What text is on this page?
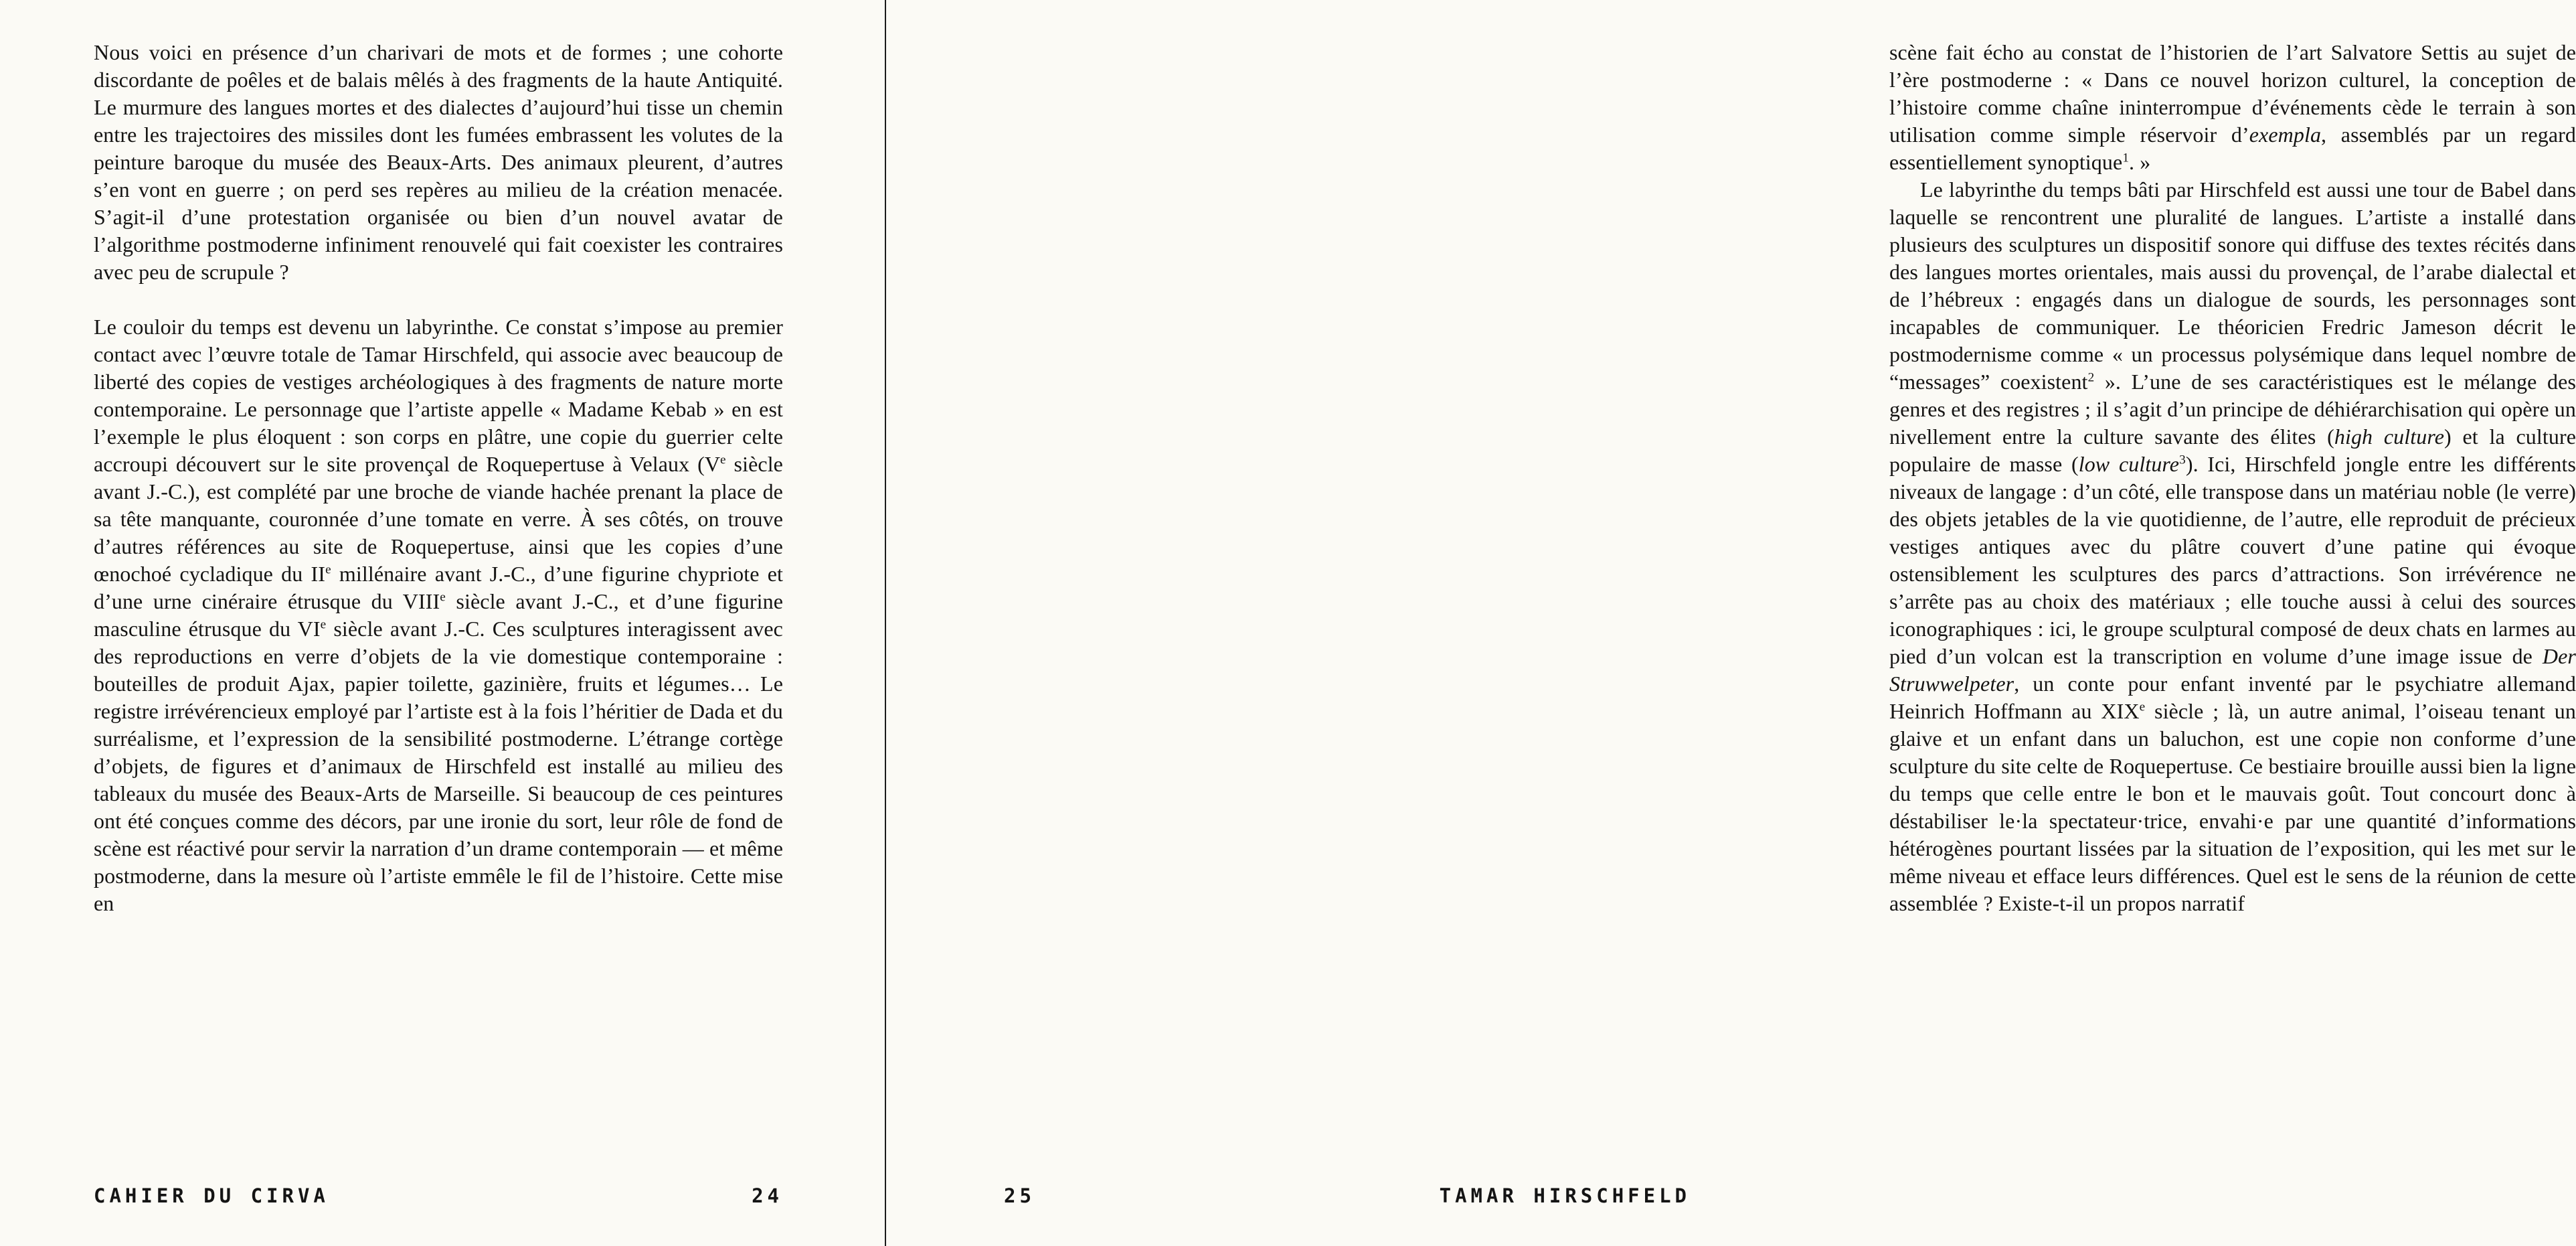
Nous voici en présence d’un charivari de mots et de formes ; une cohorte discordante de poêles et de balais mêlés à des fragments de la haute Antiquité. Le murmure des langues mortes et des dialectes d’aujourd’hui tisse un chemin entre les trajectoires des missiles dont les fumées embrassent les volutes de la peinture baroque du musée des Beaux-Arts. Des animaux pleurent, d’autres s’en vont en guerre ; on perd ses repères au milieu de la création menacée. S’agit-il d’une protestation organisée ou bien d’un nouvel avatar de l’algorithme postmoderne infiniment renouvelé qui fait coexister les contraires avec peu de scrupule ?

Le couloir du temps est devenu un labyrinthe. Ce constat s’impose au premier contact avec l’œuvre totale de Tamar Hirschfeld, qui associe avec beaucoup de liberté des copies de vestiges archéologiques à des fragments de nature morte contemporaine. Le personnage que l’artiste appelle « Madame Kebab » en est l’exemple le plus éloquent : son corps en plâtre, une copie du guerrier celte accroupi découvert sur le site provençal de Roquepertuse à Velaux (Ve siècle avant J.-C.), est complété par une broche de viande hachée prenant la place de sa tête manquante, couronnée d’une tomate en verre. À ses côtés, on trouve d’autres références au site de Roquepertuse, ainsi que les copies d’une œnochoé cycladique du IIe millénaire avant J.-C., d’une figurine chypriote et d’une urne cinéraire étrusque du VIIIe siècle avant J.-C., et d’une figurine masculine étrusque du VIe siècle avant J.-C. Ces sculptures interagissent avec des reproductions en verre d’objets de la vie domestique contemporaine : bouteilles de produit Ajax, papier toilette, gazinière, fruits et légumes… Le registre irrévérencieux employé par l’artiste est à la fois l’héritier de Dada et du surréalisme, et l’expression de la sensibilité postmoderne. L’étrange cortège d’objets, de figures et d’animaux de Hirschfeld est installé au milieu des tableaux du musée des Beaux-Arts de Marseille. Si beaucoup de ces peintures ont été conçues comme des décors, par une ironie du sort, leur rôle de fond de scène est réactivé pour servir la narration d’un drame contemporain — et même postmoderne, dans la mesure où l’artiste emmêle le fil de l’histoire. Cette mise en

scène fait écho au constat de l’historien de l’art Salvatore Settis au sujet de l’ère postmoderne : « Dans ce nouvel horizon culturel, la conception de l’histoire comme chaîne ininterrompue d’événements cède le terrain à son utilisation comme simple réservoir d’exempla, assemblés par un regard essentiellement synoptique$^1$. »

Le labyrinthe du temps bâti par Hirschfeld est aussi une tour de Babel dans laquelle se rencontrent une pluralité de langues. L’artiste a installé dans plusieurs des sculptures un dispositif sonore qui diffuse des textes récités dans des langues mortes orientales, mais aussi du provençal, de l’arabe dialectal et de l’hébreux : engagés dans un dialogue de sourds, les personnages sont incapables de communiquer. Le théoricien Fredric Jameson décrit le postmodernisme comme « un processus polysémique dans lequel nombre de “messages” coexistent$^2$ ». L’une de ses caractéristiques est le mélange des genres et des registres ; il s’agit d’un principe de déhiérarchisation qui opère un nivellement entre la culture savante des élites (high culture) et la culture populaire de masse (low culture$^3$). Ici, Hirschfeld jongle entre les différents niveaux de langage : d’un côté, elle transpose dans un matériau noble (le verre) des objets jetables de la vie quotidienne, de l’autre, elle reproduit de précieux vestiges antiques avec du plâtre couvert d’une patine qui évoque ostensiblement les sculptures des parcs d’attractions. Son irrévérence ne s’arrête pas au choix des matériaux ; elle touche aussi à celui des sources iconographiques : ici, le groupe sculptural composé de deux chats en larmes au pied d’un volcan est la transcription en volume d’une image issue de Der Struwwelpeter, un conte pour enfant inventé par le psychiatre allemand Heinrich Hoffmann au XIXe siècle ; là, un autre animal, l’oiseau tenant un glaive et un enfant dans un baluchon, est une copie non conforme d’une sculpture du site celte de Roquepertuse. Ce bestiaire brouille aussi bien la ligne du temps que celle entre le bon et le mauvais goût. Tout concourt donc à déstabiliser le·la spectateur·trice, envahi·e par une quantité d’informations hétérogènes pourtant lissées par la situation de l’exposition, qui les met sur le même niveau et efface leurs différences. Quel est le sens de la réunion de cette assemblée ? Existe-t-il un propos narratif

CAHIER DU CIRVA	24	25	TAMAR HIRSCHFELD
